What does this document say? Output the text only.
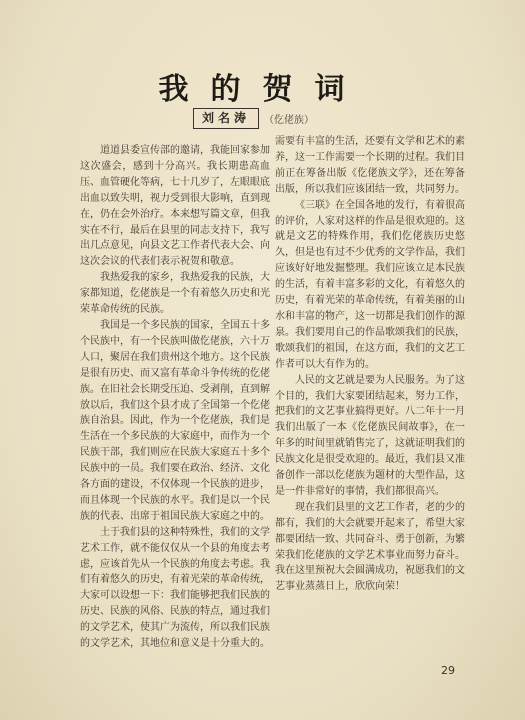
我的贺词
刘名涛	（仡佬族）

道道县委宣传部的邀请，我能回家参加这次盛会，感到十分高兴。我长期患高血压、血管硬化等病，七十几岁了，左眼眼底出血以致失明，视力受到很大影响，直到现在，仍在会外治疗。本来想写篇文章，但我实在不行，最后在县里的同志支持下，我写出几点意见，向县文艺工作者代表大会、向这次会议的代表们表示祝贺和敬意。

我热爱我的家乡，我热爱我的民族，大家都知道，仡佬族是一个有着悠久历史和光荣革命传统的民族。

我国是一个多民族的国家，全国五十多个民族中，有一个民族叫做仡佬族，六十万人口，聚居在我们贵州这个地方。这个民族是很有历史、而又富有革命斗争传统的仡佬族。在旧社会长期受压迫、受剥削，直到解放以后，我们这个县才成了全国第一个仡佬族自治县。因此，作为一个仡佬族，我们是生活在一个多民族的大家庭中，而作为一个民族干部，我们则应在民族大家庭五十多个民族中的一员。我们要在政治、经济、文化各方面的建设，不仅体现一个民族的进步，而且体现一个民族的水平。我们是以一个民族的代表、出席于祖国民族大家庭之中的。

土于我们县的这种特殊性，我们的文学艺术工作，就不能仅仅从一个县的角度去考虑，应该首先从一个民族的角度去考虑。我们有着悠久的历史，有着光荣的革命传统，大家可以设想一下：我们能够把我们民族的历史、民族的风俗、民族的特点，通过我们的文学艺术，使其广为流传，所以我们民族的文学艺术，其地位和意义是十分重大的。

需要有丰富的生活，还要有文学和艺术的素养，这一工作需要一个长期的过程。我们目前正在筹备出版《仡佬族文学》，还在筹备出版，所以我们应该团结一致，共同努力。

《三联》在全国各地的发行，有着很高的评价，人家对这样的作品是很欢迎的。这就是文艺的特殊作用，我们仡佬族历史悠久，但是也有过不少优秀的文学作品，我们应该好好地发掘整理。我们应该立足本民族的生活，有着丰富多彩的文化，有着悠久的历史，有着光荣的革命传统，有着美丽的山水和丰富的物产，这一切都是我们创作的源泉。我们要用自己的作品歌颂我们的民族，歌颂我们的祖国，在这方面，我们的文艺工作者可以大有作为的。

人民的文艺就是要为人民服务。为了这个目的，我们大家要团结起来，努力工作，把我们的文艺事业搞得更好。八二年十一月我们出版了一本《仡佬族民间故事》，在一年多的时间里就销售完了，这就证明我们的民族文化是很受欢迎的。最近，我们县又准备创作一部以仡佬族为题材的大型作品，这是一件非常好的事情，我们都很高兴。

现在我们县里的文艺工作者，老的少的都有，我们的大会就要开起来了，希望大家都要团结一致、共同奋斗、勇于创新，为繁荣我们仡佬族的文学艺术事业而努力奋斗。我在这里预祝大会圆满成功，祝愿我们的文艺事业蒸蒸日上，欣欣向荣！

29
